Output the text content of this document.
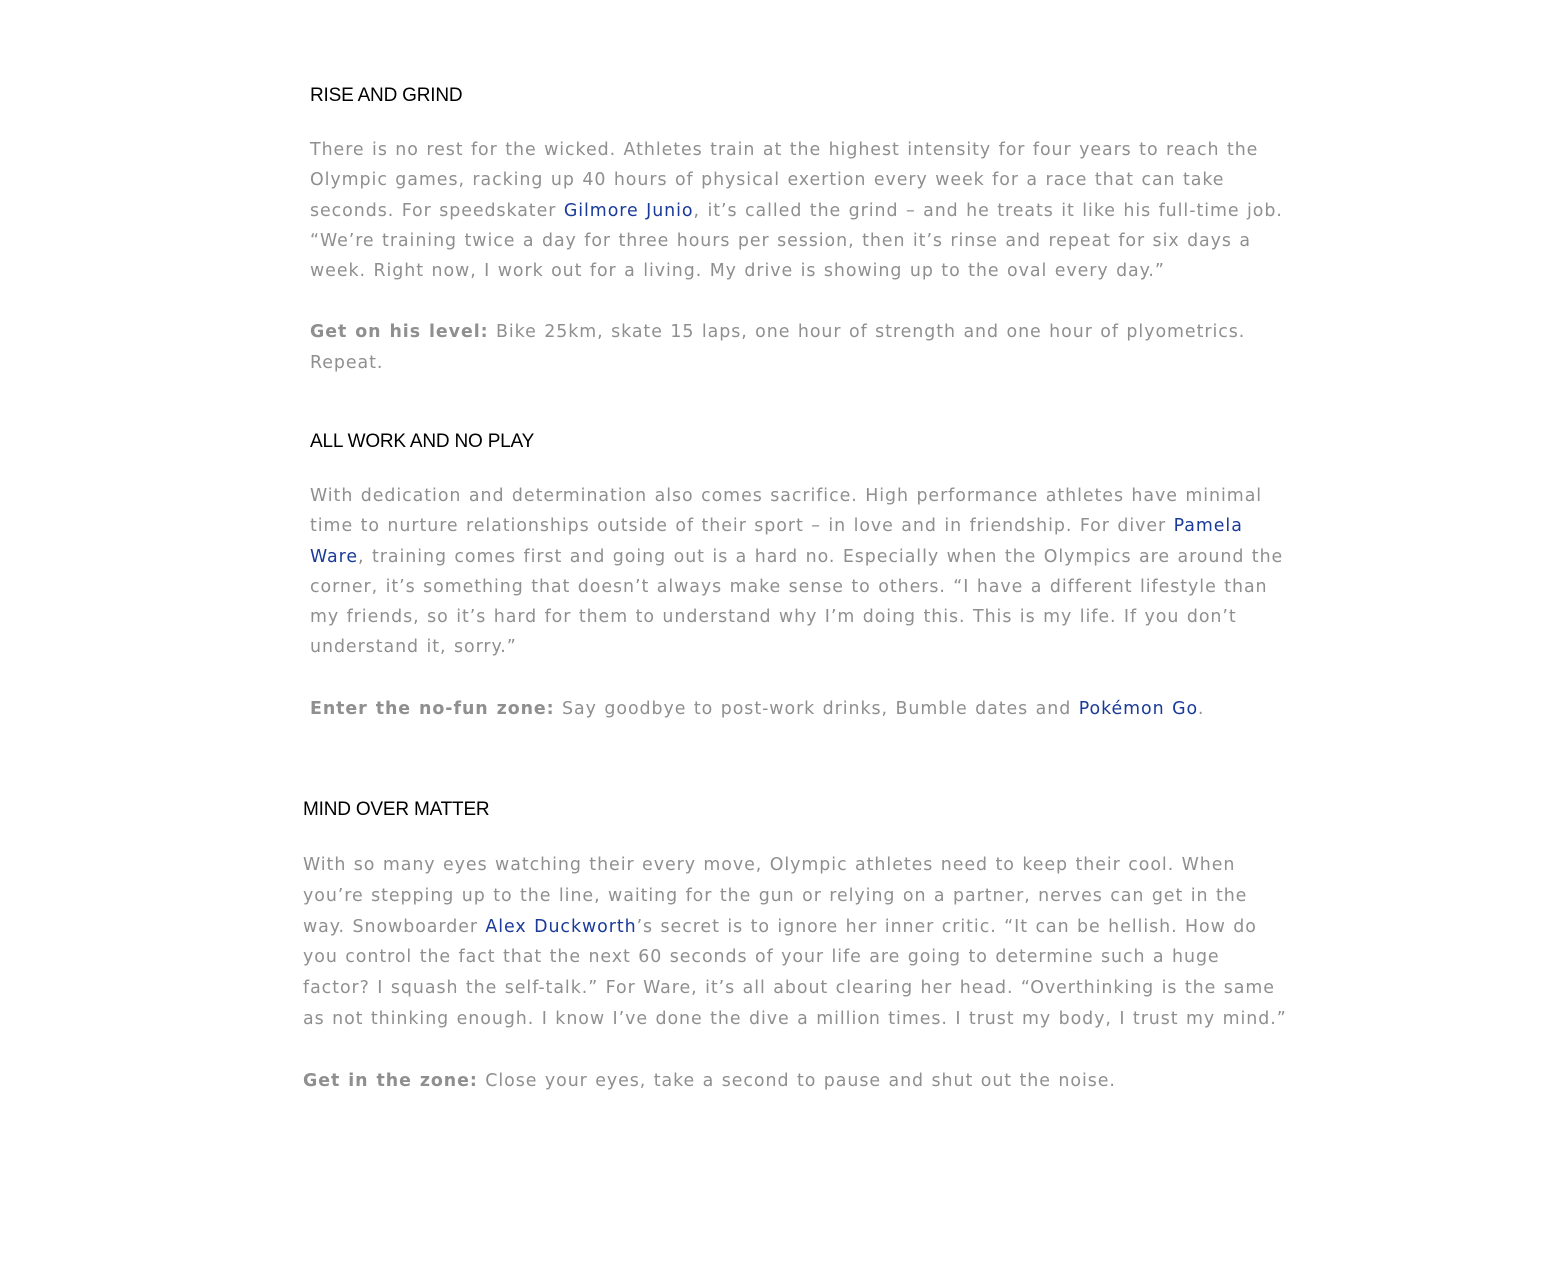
RISE AND GRIND

There is no rest for the wicked. Athletes train at the highest intensity for four years to reach the Olympic games, racking up 40 hours of physical exertion every week for a race that can take seconds. For speedskater Gilmore Junio, it’s called the grind – and he treats it like his full-time job. “We’re training twice a day for three hours per session, then it’s rinse and repeat for six days a week. Right now, I work out for a living. My drive is showing up to the oval every day.”

Get on his level: Bike 25km, skate 15 laps, one hour of strength and one hour of plyometrics. Repeat.

ALL WORK AND NO PLAY

With dedication and determination also comes sacrifice. High performance athletes have minimal time to nurture relationships outside of their sport – in love and in friendship. For diver Pamela Ware, training comes first and going out is a hard no. Especially when the Olympics are around the corner, it’s something that doesn’t always make sense to others. “I have a different lifestyle than my friends, so it’s hard for them to understand why I’m doing this. This is my life. If you don’t understand it, sorry.”

Enter the no-fun zone: Say goodbye to post-work drinks, Bumble dates and Pokémon Go.

MIND OVER MATTER

With so many eyes watching their every move, Olympic athletes need to keep their cool. When you’re stepping up to the line, waiting for the gun or relying on a partner, nerves can get in the way. Snowboarder Alex Duckworth’s secret is to ignore her inner critic. “It can be hellish. How do you control the fact that the next 60 seconds of your life are going to determine such a huge factor? I squash the self-talk.” For Ware, it’s all about clearing her head. “Overthinking is the same as not thinking enough. I know I’ve done the dive a million times. I trust my body, I trust my mind.”

Get in the zone: Close your eyes, take a second to pause and shut out the noise.
